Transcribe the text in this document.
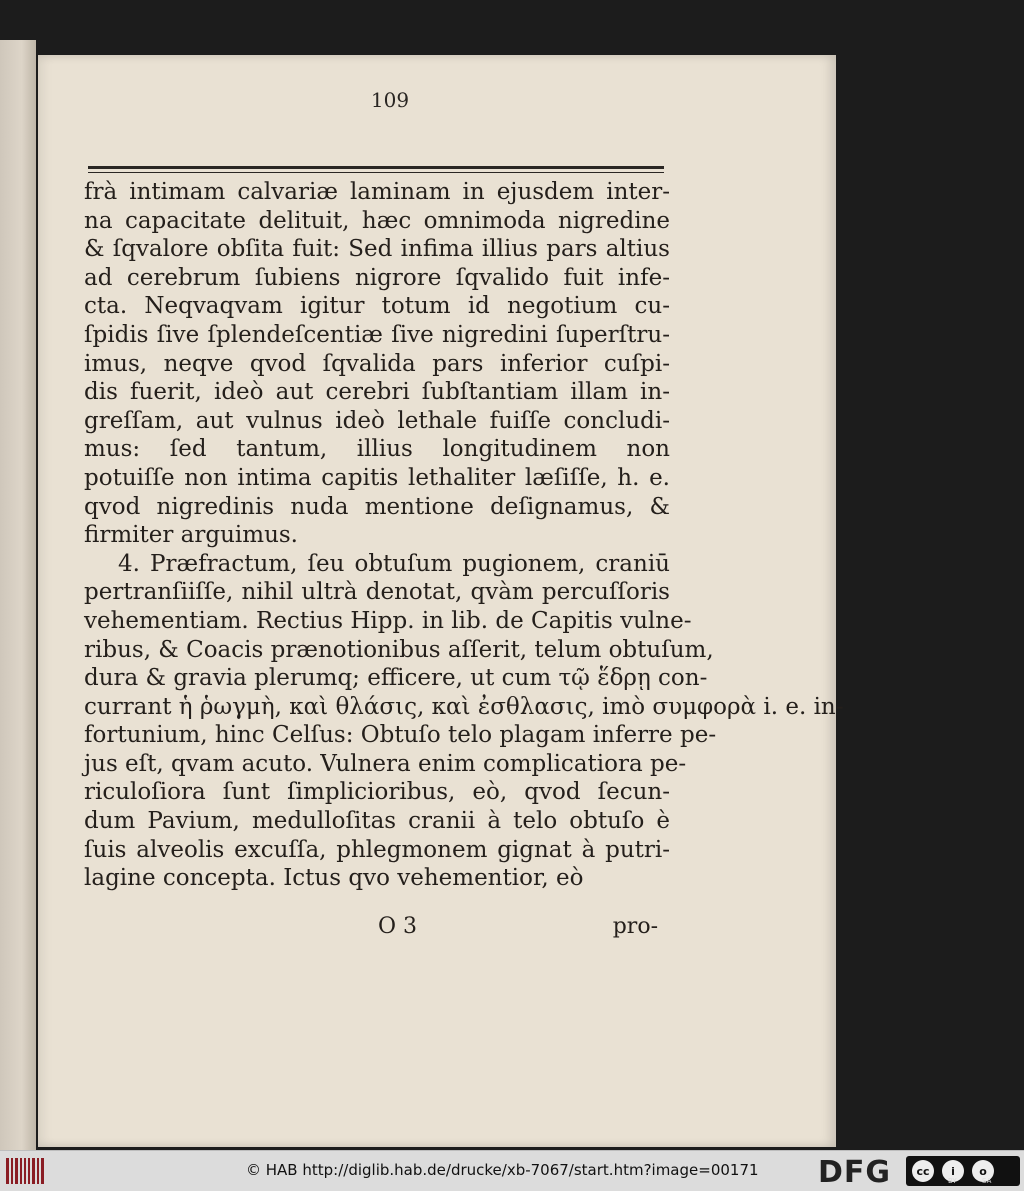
109
frà intimam calvariæ laminam in ejusdem inter-
na capacitate delituit, hæc omnimoda nigredine
& ſqvalore obſita fuit: Sed infima illius pars altius
ad cerebrum ſubiens nigrore ſqvalido fuit infe-
cta. Neqvaqvam igitur totum id negotium cu-
ſpidis ſive ſplendeſcentiæ ſive nigredini ſuperſtru-
imus, neqve qvod ſqvalida pars inferior cuſpi-
dis fuerit, ideò aut cerebri ſubſtantiam illam in-
greſſam, aut vulnus ideò lethale fuiſſe concludi-
mus: ſed tantum, illius longitudinem non
potuiſſe non intima capitis lethaliter læſiſſe, h. e.
qvod nigredinis nuda mentione deſignamus, &
firmiter arguimus.
4. Præfractum, ſeu obtuſum pugionem, craniū
pertranſiiſſe, nihil ultrà denotat, qvàm percuſſoris
vehementiam. Rectius Hipp. in lib. de Capitis vulne-
ribus, & Coacis prænotionibus aſſerit, telum obtuſum,
dura & gravia plerumq; efficere, ut cum τῷ ἕδρῃ con-
currant ἡ ῥωγμὴ, καὶ θλάσις, καὶ ἐσθλασις, imò συμφορὰ i. e. in-
fortunium, hinc Celſus: Obtuſo telo plagam inferre pe-
jus eſt, qvam acuto. Vulnera enim complicatiora pe-
riculoſiora ſunt ſimplicioribus, eò, qvod ſecun-
dum Pavium, medulloſitas cranii à telo obtuſo è
ſuis alveolis excuſſa, phlegmonem gignat à putri-
lagine concepta. Ictus qvo vehementior, eò
O 3	pro-
© HAB http://diglib.hab.de/drucke/xb-7067/start.htm?image=00171 DFG	cc	i	o
BY	SA
